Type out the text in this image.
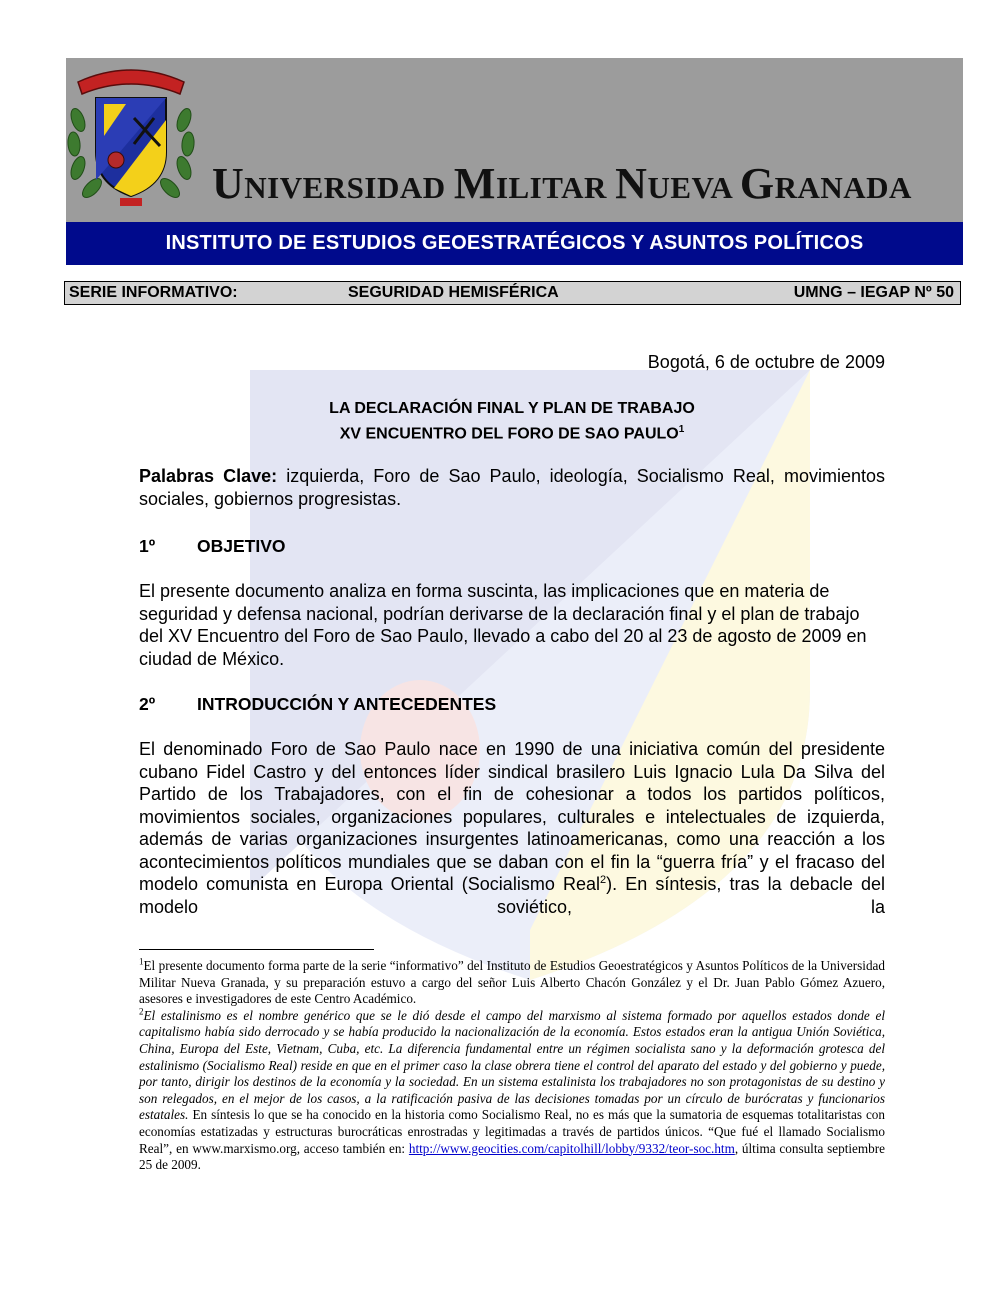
UNIVERSIDAD MILITAR NUEVA GRANADA
INSTITUTO DE ESTUDIOS GEOESTRATÉGICOS Y ASUNTOS POLÍTICOS
SERIE INFORMATIVO:	SEGURIDAD HEMISFÉRICA	UMNG – IEGAP Nº 50
Bogotá, 6 de octubre de 2009
LA DECLARACIÓN FINAL Y PLAN DE TRABAJO
XV ENCUENTRO DEL FORO DE SAO PAULO$^1$
Palabras Clave: izquierda, Foro de Sao Paulo, ideología, Socialismo Real, movimientos sociales, gobiernos progresistas.
1º OBJETIVO
El presente documento analiza en forma suscinta, las implicaciones que en materia de seguridad y defensa nacional, podrían derivarse de la declaración final y el plan de trabajo del XV Encuentro del Foro de Sao Paulo, llevado a cabo del 20 al 23 de agosto de 2009 en ciudad de México.
2º INTRODUCCIÓN Y ANTECEDENTES
El denominado Foro de Sao Paulo nace en 1990 de una iniciativa común del presidente cubano Fidel Castro y del entonces líder sindical brasilero Luis Ignacio Lula Da Silva del Partido de los Trabajadores, con el fin de cohesionar a todos los partidos políticos, movimientos sociales, organizaciones populares, culturales e intelectuales de izquierda, además de varias organizaciones insurgentes latinoamericanas, como una reacción a los acontecimientos políticos mundiales que se daban con el fin la “guerra fría” y el fracaso del modelo comunista en Europa Oriental (Socialismo Real$^2$). En síntesis, tras la debacle del modelo soviético, la

$^1$El presente documento forma parte de la serie “informativo” del Instituto de Estudios Geoestratégicos y Asuntos Políticos de la Universidad Militar Nueva Granada, y su preparación estuvo a cargo del señor Luis Alberto Chacón González y el Dr. Juan Pablo Gómez Azuero, asesores e investigadores de este Centro Académico.

$^2$El estalinismo es el nombre genérico que se le dió desde el campo del marxismo al sistema formado por aquellos estados donde el capitalismo había sido derrocado y se había producido la nacionalización de la economía. Estos estados eran la antigua Unión Soviética, China, Europa del Este, Vietnam, Cuba, etc. La diferencia fundamental entre un régimen socialista sano y la deformación grotesca del estalinismo (Socialismo Real) reside en que en el primer caso la clase obrera tiene el control del aparato del estado y del gobierno y puede, por tanto, dirigir los destinos de la economía y la sociedad. En un sistema estalinista los trabajadores no son protagonistas de su destino y son relegados, en el mejor de los casos, a la ratificación pasiva de las decisiones tomadas por un círculo de burócratas y funcionarios estatales. En síntesis lo que se ha conocido en la historia como Socialismo Real, no es más que la sumatoria de esquemas totalitaristas con economías estatizadas y estructuras burocráticas enrostradas y legitimadas a través de partidos únicos. “Que fué el llamado Socialismo Real”, en www.marxismo.org, acceso también en: http://www.geocities.com/capitolhill/lobby/9332/teor-soc.htm, última consulta septiembre 25 de 2009.
